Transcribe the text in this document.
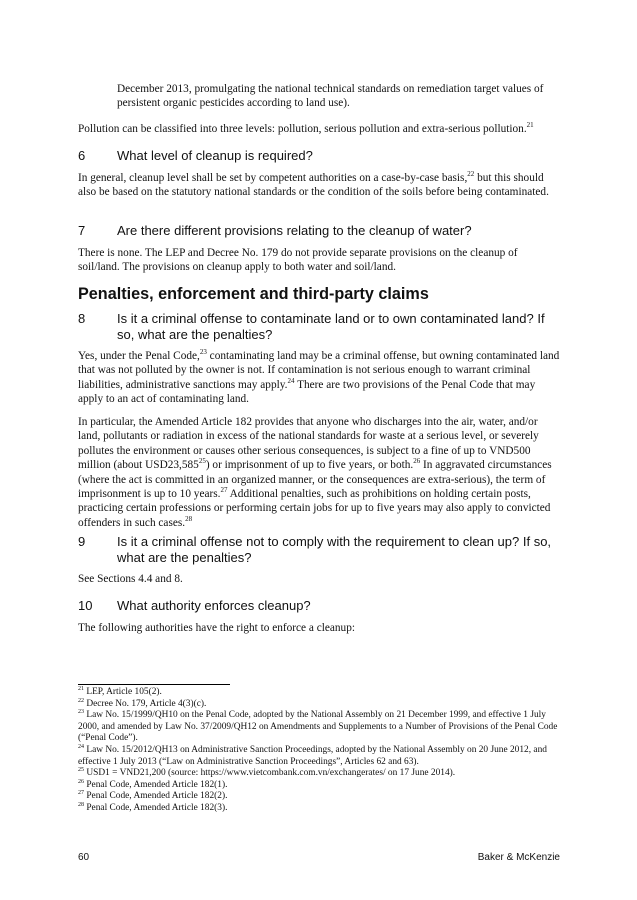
December 2013, promulgating the national technical standards on remediation target values of persistent organic pesticides according to land use).

Pollution can be classified into three levels: pollution, serious pollution and extra-serious pollution.$^{21}$

6 What level of cleanup is required?

In general, cleanup level shall be set by competent authorities on a case-by-case basis,$^{22}$ but this should also be based on the statutory national standards or the condition of the soils before being contaminated.

7 Are there different provisions relating to the cleanup of water?

There is none. The LEP and Decree No. 179 do not provide separate provisions on the cleanup of soil/land. The provisions on cleanup apply to both water and soil/land.

Penalties, enforcement and third-party claims
8 Is it a criminal offense to contaminate land or to own contaminated land? If so, what are the penalties?

Yes, under the Penal Code,$^{23}$ contaminating land may be a criminal offense, but owning contaminated land that was not polluted by the owner is not. If contamination is not serious enough to warrant criminal liabilities, administrative sanctions may apply.$^{24}$ There are two provisions of the Penal Code that may apply to an act of contaminating land.

In particular, the Amended Article 182 provides that anyone who discharges into the air, water, and/or land, pollutants or radiation in excess of the national standards for waste at a serious level, or severely pollutes the environment or causes other serious consequences, is subject to a fine of up to VND500 million (about USD23,585$^{25}$) or imprisonment of up to five years, or both.$^{26}$ In aggravated circumstances (where the act is committed in an organized manner, or the consequences are extra-serious), the term of imprisonment is up to 10 years.$^{27}$ Additional penalties, such as prohibitions on holding certain posts, practicing certain professions or performing certain jobs for up to five years may also apply to convicted offenders in such cases.$^{28}$

9 Is it a criminal offense not to comply with the requirement to clean up? If so, what are the penalties?

See Sections 4.4 and 8.

10 What authority enforces cleanup?

The following authorities have the right to enforce a cleanup:

$^{21}$ LEP, Article 105(2).
$^{22}$ Decree No. 179, Article 4(3)(c).
$^{23}$ Law No. 15/1999/QH10 on the Penal Code, adopted by the National Assembly on 21 December 1999, and effective 1 July 2000, and amended by Law No. 37/2009/QH12 on Amendments and Supplements to a Number of Provisions of the Penal Code (“Penal Code”).
$^{24}$ Law No. 15/2012/QH13 on Administrative Sanction Proceedings, adopted by the National Assembly on 20 June 2012, and effective 1 July 2013 (“Law on Administrative Sanction Proceedings”, Articles 62 and 63).
$^{25}$ USD1 = VND21,200 (source: https://www.vietcombank.com.vn/exchangerates/ on 17 June 2014).
$^{26}$ Penal Code, Amended Article 182(1).
$^{27}$ Penal Code, Amended Article 182(2).
$^{28}$ Penal Code, Amended Article 182(3).
60	Baker & McKenzie
